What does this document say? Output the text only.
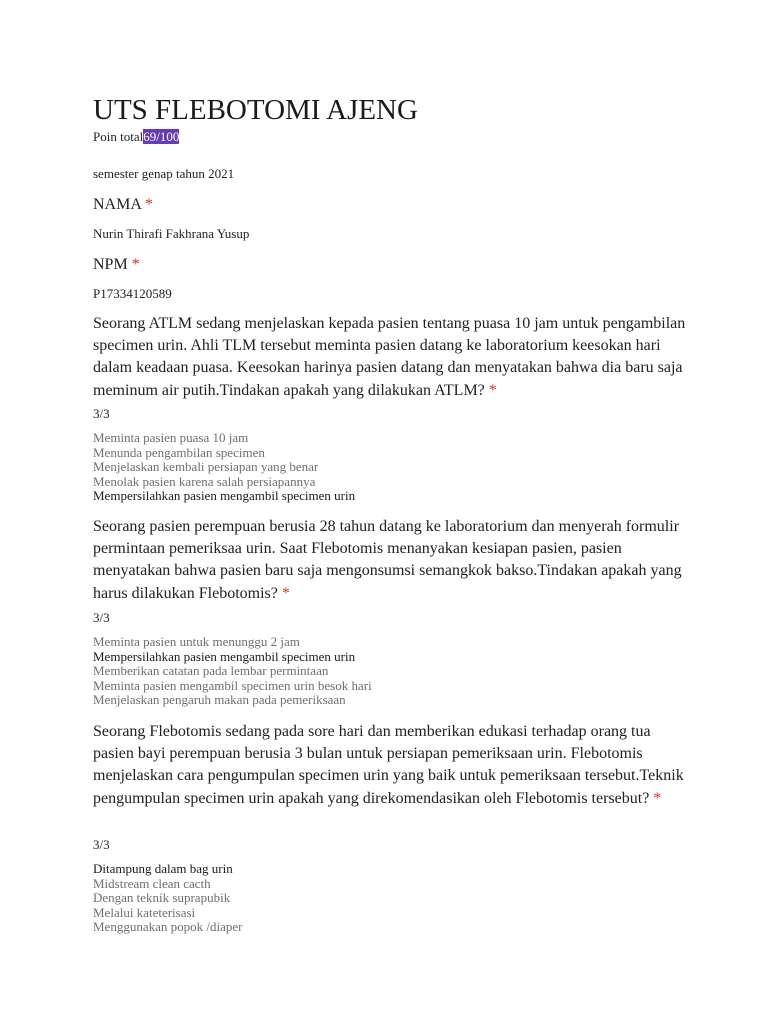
UTS FLEBOTOMI AJENG
Poin total69/100
semester genap tahun 2021
NAMA *
Nurin Thirafi Fakhrana Yusup
NPM *
P17334120589
Seorang ATLM sedang menjelaskan kepada pasien tentang puasa 10 jam untuk pengambilan specimen urin. Ahli TLM tersebut meminta pasien datang ke laboratorium keesokan hari dalam keadaan puasa. Keesokan harinya pasien datang dan menyatakan bahwa dia baru saja meminum air putih.Tindakan apakah yang dilakukan ATLM? *
3/3
Meminta pasien puasa 10 jam
Menunda pengambilan specimen
Menjelaskan kembali persiapan yang benar
Menolak pasien karena salah persiapannya
Mempersilahkan pasien mengambil specimen urin
Seorang pasien perempuan berusia 28 tahun datang ke laboratorium dan menyerah formulir permintaan pemeriksaa urin. Saat Flebotomis menanyakan kesiapan pasien, pasien menyatakan bahwa pasien baru saja mengonsumsi semangkok bakso.Tindakan apakah yang harus dilakukan Flebotomis? *
3/3
Meminta pasien untuk menunggu 2 jam
Mempersilahkan pasien mengambil specimen urin
Memberikan catatan pada lembar permintaan
Meminta pasien mengambil specimen urin besok hari
Menjelaskan pengaruh makan pada pemeriksaan
Seorang Flebotomis sedang pada sore hari dan memberikan edukasi terhadap orang tua pasien bayi perempuan berusia 3 bulan untuk persiapan pemeriksaan urin. Flebotomis menjelaskan cara pengumpulan specimen urin yang baik untuk pemeriksaan tersebut.Teknik pengumpulan specimen urin apakah yang direkomendasikan oleh Flebotomis tersebut? *
3/3
Ditampung dalam bag urin
Midstream clean cacth
Dengan teknik suprapubik
Melalui kateterisasi
Menggunakan popok /diaper
